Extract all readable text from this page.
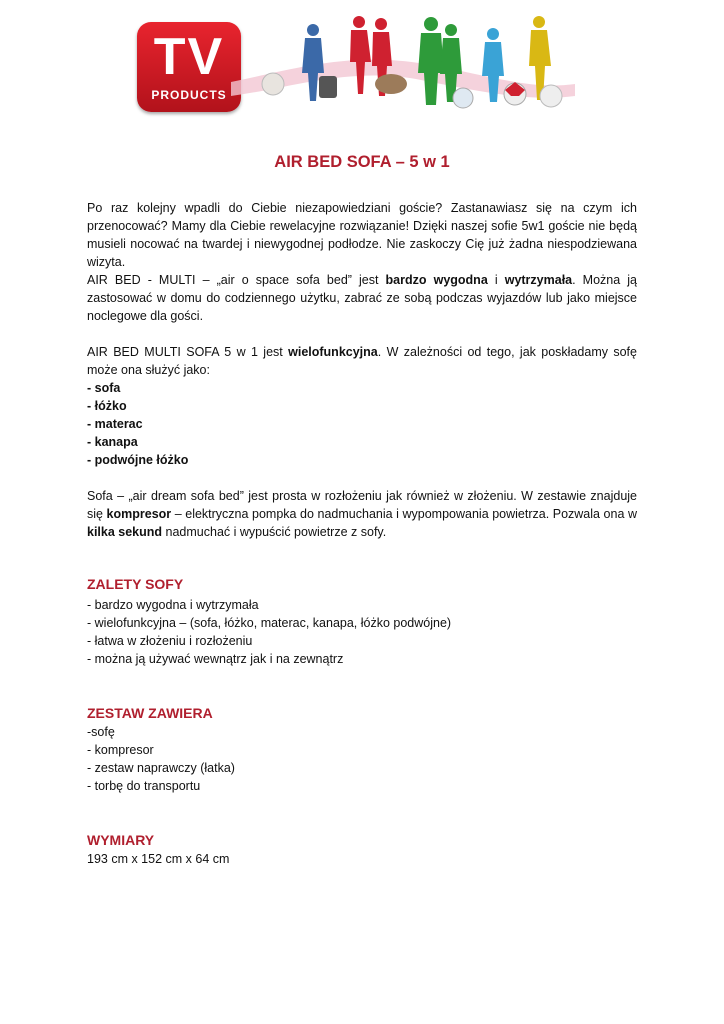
TV
PRODUCTS
AIR BED SOFA – 5 w 1

Po raz kolejny wpadli do Ciebie niezapowiedziani goście? Zastanawiasz się na czym ich przenocować? Mamy dla Ciebie rewelacyjne rozwiązanie! Dzięki naszej sofie 5w1 goście nie będą musieli nocować na twardej i niewygodnej podłodze. Nie zaskoczy Cię już żadna niespodziewana wizyta.

AIR BED - MULTI – „air o space sofa bed” jest bardzo wygodna i wytrzymała. Można ją zastosować w domu do codziennego użytku, zabrać ze sobą podczas wyjazdów lub jako miejsce noclegowe dla gości.

AIR BED MULTI SOFA 5 w 1 jest wielofunkcyjna. W zależności od tego, jak poskładamy sofę może ona służyć jako:

- sofa

- łóżko

- materac

- kanapa

- podwójne łóżko

Sofa – „air dream sofa bed” jest prosta w rozłożeniu jak również w złożeniu. W zestawie znajduje się kompresor – elektryczna pompka do nadmuchania i wypompowania powietrza. Pozwala ona w kilka sekund nadmuchać i wypuścić powietrze z sofy.

ZALETY SOFY

- bardzo wygodna i wytrzymała

- wielofunkcyjna – (sofa, łóżko, materac, kanapa, łóżko podwójne)

- łatwa w złożeniu i rozłożeniu

- można ją używać wewnątrz jak i na zewnątrz

ZESTAW ZAWIERA

-sofę

- kompresor

- zestaw naprawczy (łatka)

- torbę do transportu

WYMIARY

193 cm x 152 cm x 64 cm
